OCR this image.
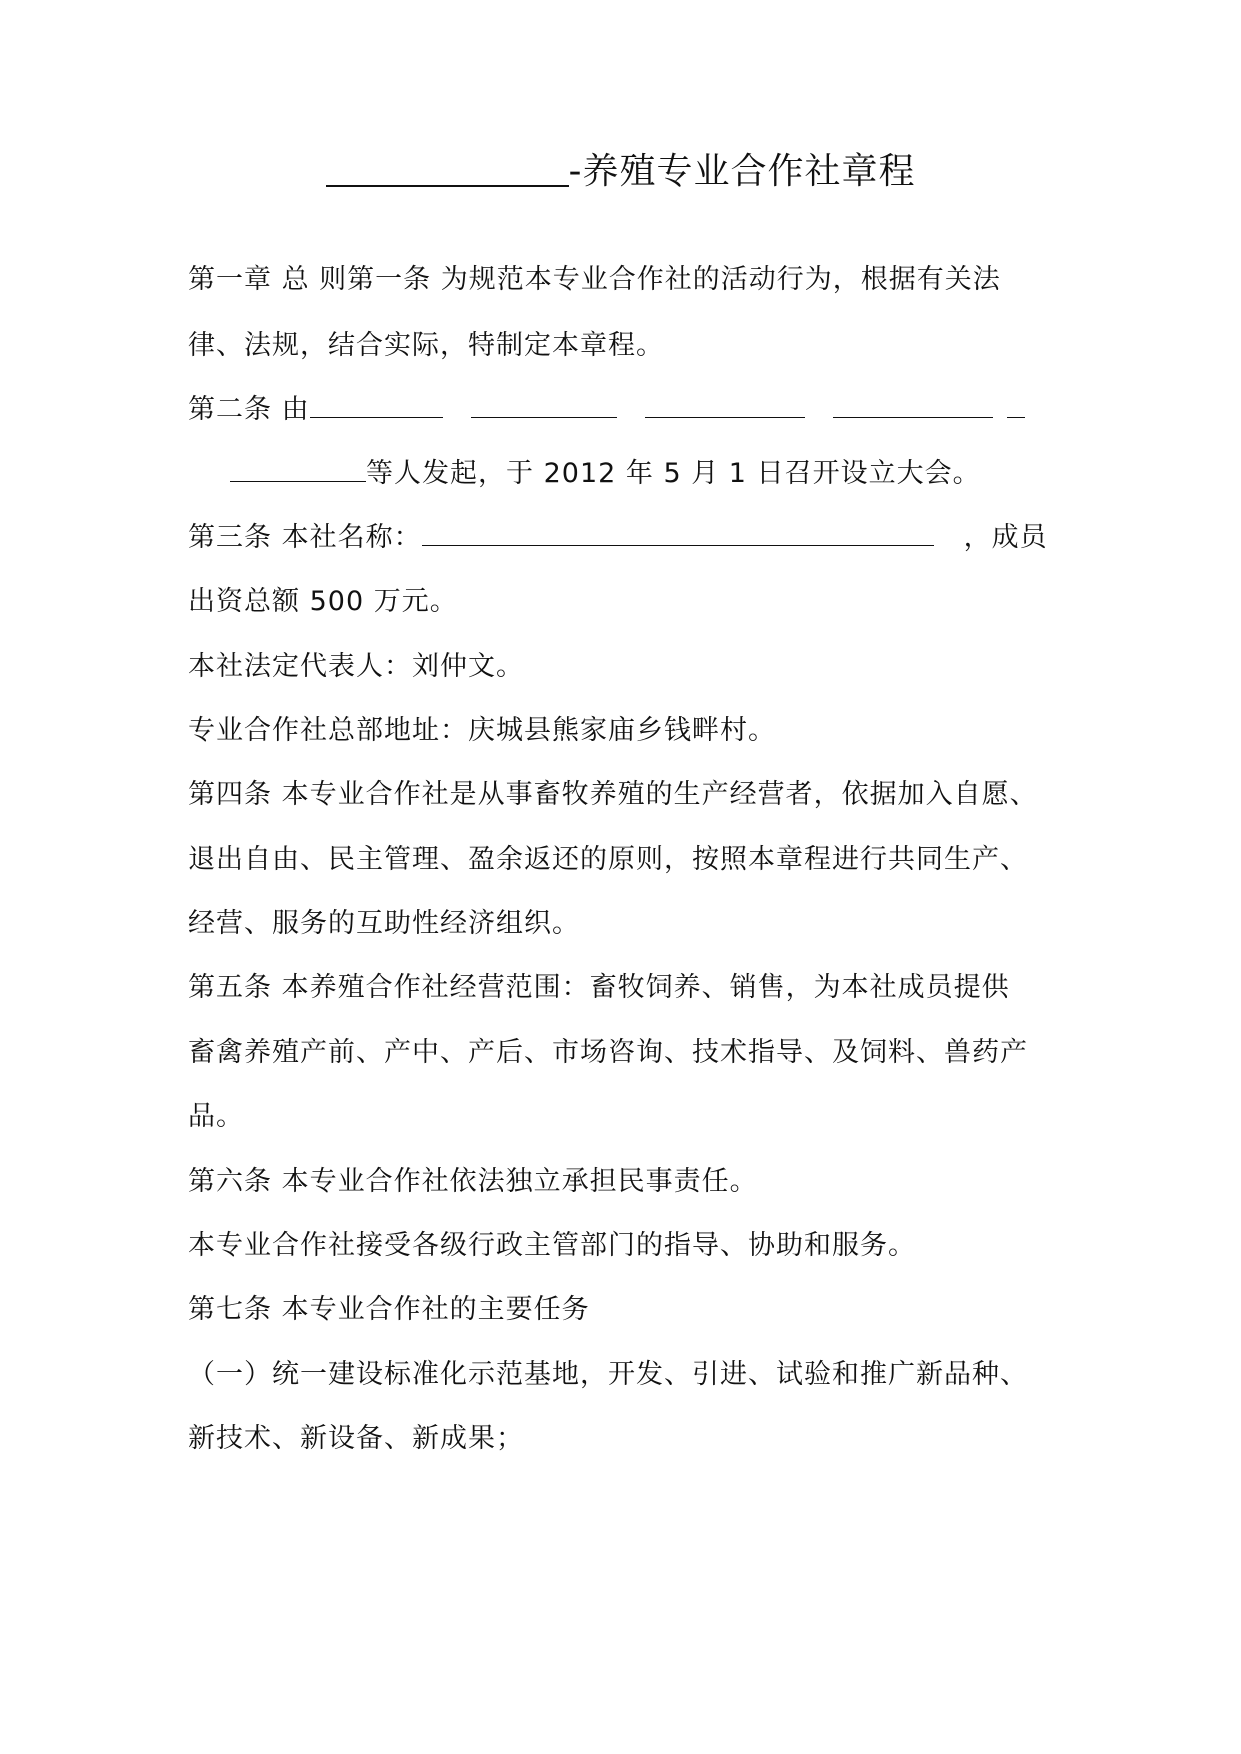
-养殖专业合作社章程
第一章 总 则第一条 为规范本专业合作社的活动行为，根据有关法
律、法规，结合实际，特制定本章程。
第二条 由
等人发起，于 2012 年 5 月 1 日召开设立大会。
第三条 本社名称：	，成员
出资总额 500 万元。
本社法定代表人：刘仲文。
专业合作社总部地址：庆城县熊家庙乡钱畔村。
第四条 本专业合作社是从事畜牧养殖的生产经营者，依据加入自愿、
退出自由、民主管理、盈余返还的原则，按照本章程进行共同生产、
经营、服务的互助性经济组织。
第五条 本养殖合作社经营范围：畜牧饲养、销售，为本社成员提供
畜禽养殖产前、产中、产后、市场咨询、技术指导、及饲料、兽药产
品。
第六条 本专业合作社依法独立承担民事责任。
本专业合作社接受各级行政主管部门的指导、协助和服务。
第七条 本专业合作社的主要任务
（一）统一建设标准化示范基地，开发、引进、试验和推广新品种、
新技术、新设备、新成果；
